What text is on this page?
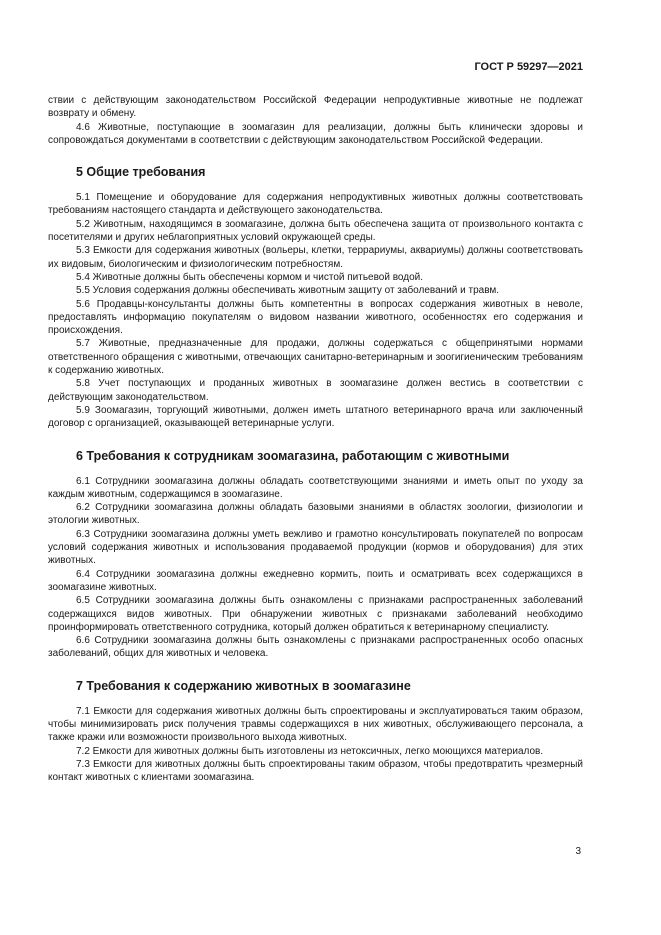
ГОСТ Р 59297—2021

ствии с действующим законодательством Российской Федерации непродуктивные животные не подлежат возврату и обмену.

4.6 Животные, поступающие в зоомагазин для реализации, должны быть клинически здоровы и сопровождаться документами в соответствии с действующим законодательством Российской Федерации.

5 Общие требования

5.1 Помещение и оборудование для содержания непродуктивных животных должны соответствовать требованиям настоящего стандарта и действующего законодательства.

5.2 Животным, находящимся в зоомагазине, должна быть обеспечена защита от произвольного контакта с посетителями и других неблагоприятных условий окружающей среды.

5.3 Емкости для содержания животных (вольеры, клетки, террариумы, аквариумы) должны соответствовать их видовым, биологическим и физиологическим потребностям.

5.4 Животные должны быть обеспечены кормом и чистой питьевой водой.

5.5 Условия содержания должны обеспечивать животным защиту от заболеваний и травм.

5.6 Продавцы-консультанты должны быть компетентны в вопросах содержания животных в неволе, предоставлять информацию покупателям о видовом названии животного, особенностях его содержания и происхождения.

5.7 Животные, предназначенные для продажи, должны содержаться с общепринятыми нормами ответственного обращения с животными, отвечающих санитарно-ветеринарным и зоогигиеническим требованиям к содержанию животных.

5.8 Учет поступающих и проданных животных в зоомагазине должен вестись в соответствии с действующим законодательством.

5.9 Зоомагазин, торгующий животными, должен иметь штатного ветеринарного врача или заключенный договор с организацией, оказывающей ветеринарные услуги.

6 Требования к сотрудникам зоомагазина, работающим с животными

6.1 Сотрудники зоомагазина должны обладать соответствующими знаниями и иметь опыт по уходу за каждым животным, содержащимся в зоомагазине.

6.2 Сотрудники зоомагазина должны обладать базовыми знаниями в областях зоологии, физиологии и этологии животных.

6.3 Сотрудники зоомагазина должны уметь вежливо и грамотно консультировать покупателей по вопросам условий содержания животных и использования продаваемой продукции (кормов и оборудования) для этих животных.

6.4 Сотрудники зоомагазина должны ежедневно кормить, поить и осматривать всех содержащихся в зоомагазине животных.

6.5 Сотрудники зоомагазина должны быть ознакомлены с признаками распространенных заболеваний содержащихся видов животных. При обнаружении животных с признаками заболеваний необходимо проинформировать ответственного сотрудника, который должен обратиться к ветеринарному специалисту.

6.6 Сотрудники зоомагазина должны быть ознакомлены с признаками распространенных особо опасных заболеваний, общих для животных и человека.

7 Требования к содержанию животных в зоомагазине

7.1 Емкости для содержания животных должны быть спроектированы и эксплуатироваться таким образом, чтобы минимизировать риск получения травмы содержащихся в них животных, обслуживающего персонала, а также кражи или возможности произвольного выхода животных.

7.2 Емкости для животных должны быть изготовлены из нетоксичных, легко моющихся материалов.

7.3 Емкости для животных должны быть спроектированы таким образом, чтобы предотвратить чрезмерный контакт животных с клиентами зоомагазина.

3
